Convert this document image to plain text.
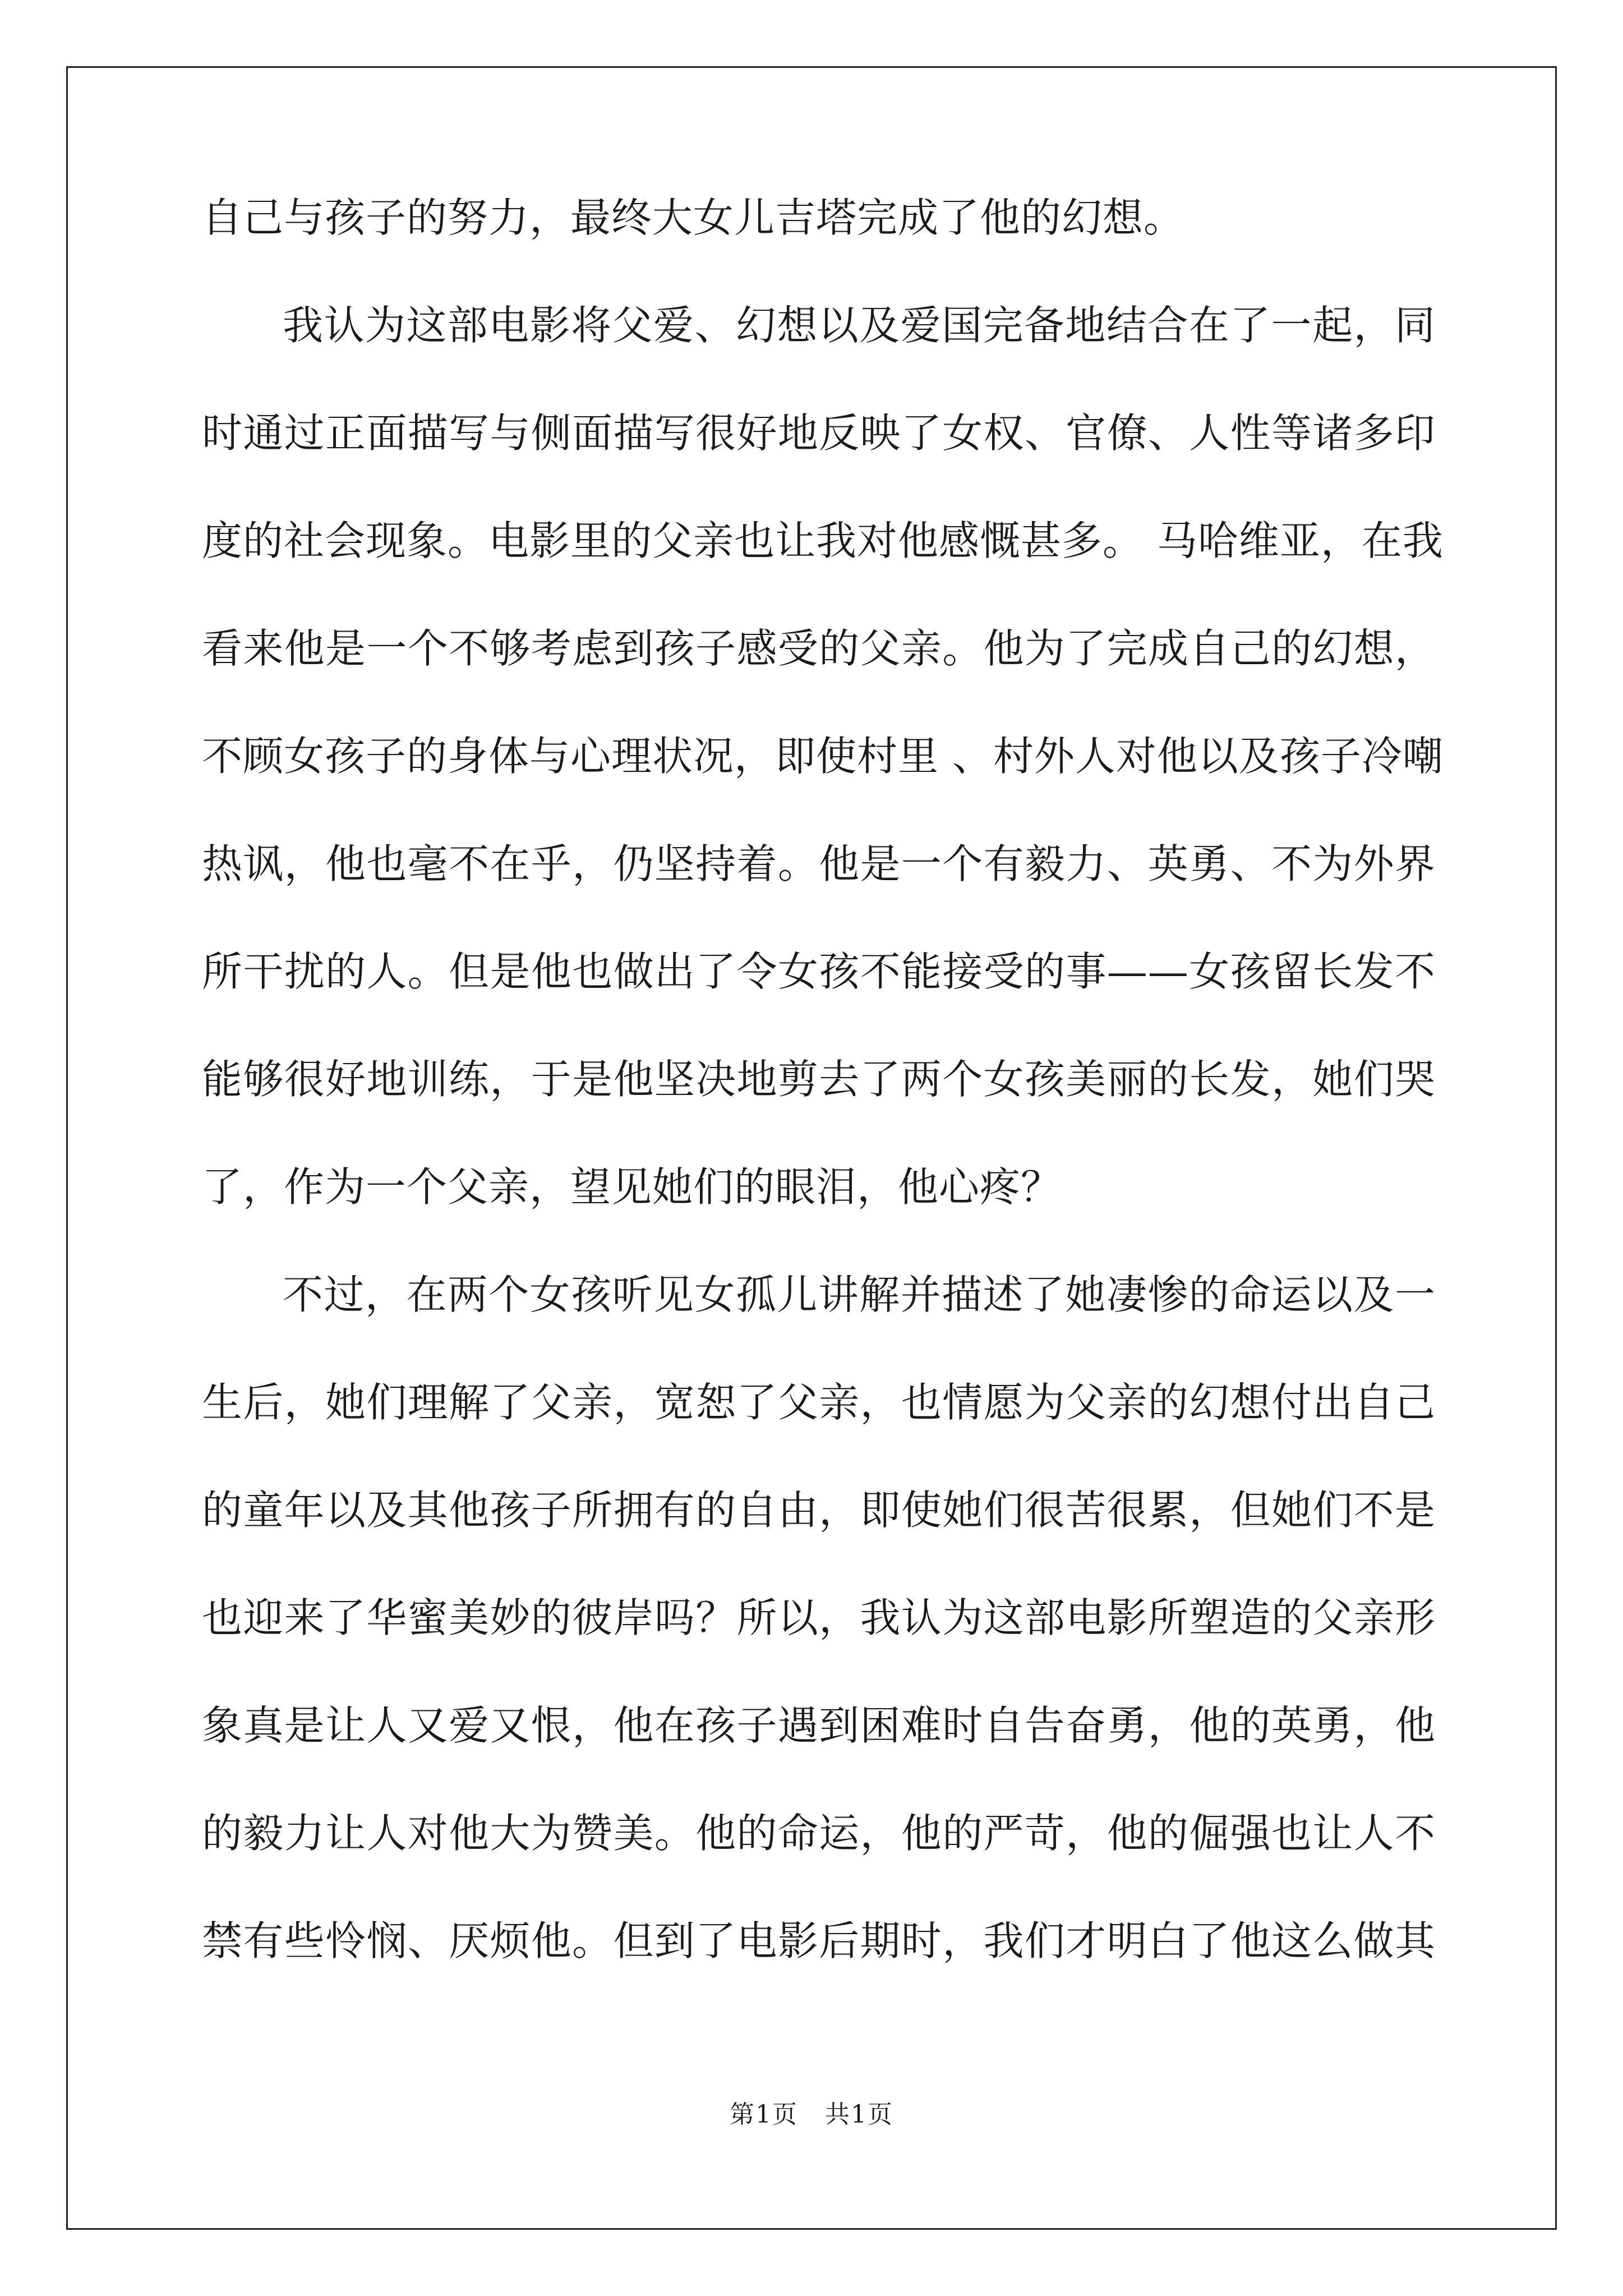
自己与孩子的努力，最终大女儿吉塔完成了他的幻想。
我认为这部电影将父爱、幻想以及爱国完备地结合在了一起，同
时通过正面描写与侧面描写很好地反映了女权、官僚、人性等诸多印
度的社会现象。电影里的父亲也让我对他感慨甚多。 马哈维亚，在我
看来他是一个不够考虑到孩子感受的父亲。他为了完成自己的幻想，
不顾女孩子的身体与心理状况，即使村里 、村外人对他以及孩子冷嘲
热讽，他也毫不在乎，仍坚持着。他是一个有毅力、英勇、不为外界
所干扰的人。但是他也做出了令女孩不能接受的事——女孩留长发不
能够很好地训练，于是他坚决地剪去了两个女孩美丽的长发，她们哭
了，作为一个父亲，望见她们的眼泪，他心疼？
不过，在两个女孩听见女孤儿讲解并描述了她凄惨的命运以及一
生后，她们理解了父亲，宽恕了父亲，也情愿为父亲的幻想付出自己
的童年以及其他孩子所拥有的自由，即使她们很苦很累，但她们不是
也迎来了华蜜美妙的彼岸吗？所以，我认为这部电影所塑造的父亲形
象真是让人又爱又恨，他在孩子遇到困难时自告奋勇，他的英勇，他
的毅力让人对他大为赞美。他的命运，他的严苛，他的倔强也让人不
禁有些怜悯、厌烦他。但到了电影后期时，我们才明白了他这么做其
第1页 共1页
